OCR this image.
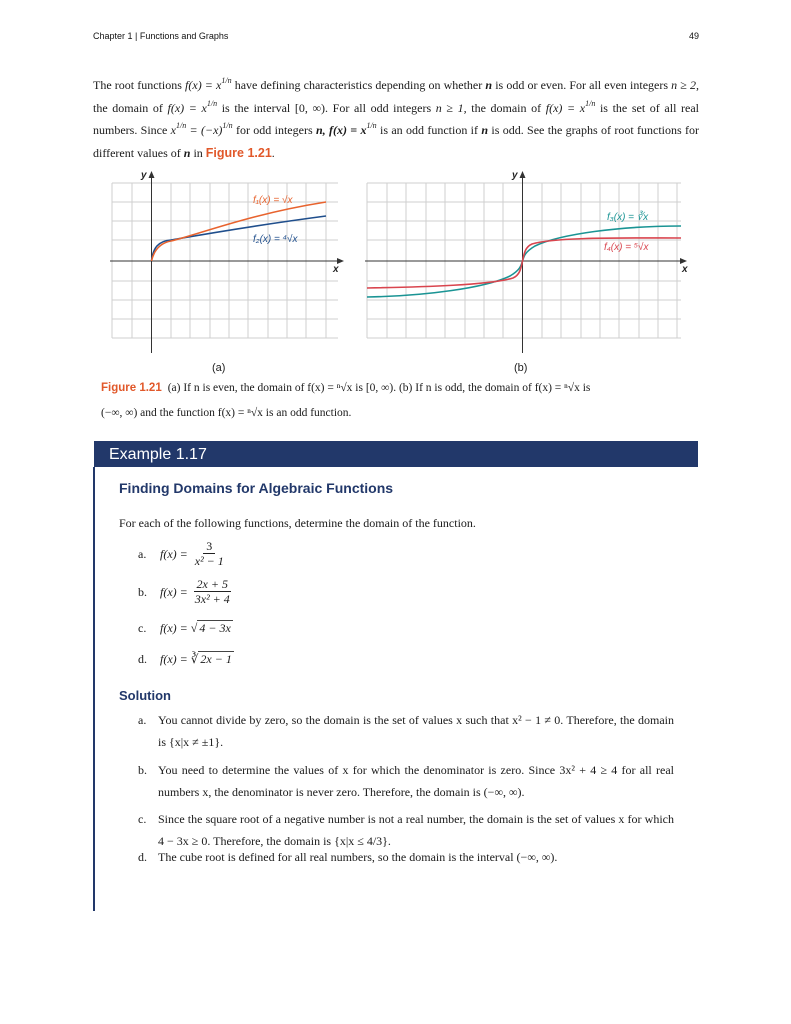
Chapter 1 | Functions and Graphs	49
The root functions $f(x) = x^{1/n}$ have defining characteristics depending on whether n is odd or even. For all even integers n ≥ 2, the domain of $f(x) = x^{1/n}$ is the interval [0, ∞). For all odd integers n ≥ 1, the domain of $f(x) = x^{1/n}$ is the set of all real numbers. Since $x^{1/n} = (-x)^{1/n}$ for odd integers n, $f(x) = x^{1/n}$ is an odd function if n is odd. See the graphs of root functions for different values of n in Figure 1.21.
y
x
f₁(x) = √x
f₂(x) = ⁴√x
y
x
f₃(x) = ∛x
f₄(x) = ⁵√x
(a)	(b)
Figure 1.21 (a) If n is even, the domain of f(x) = ⁿ√x is [0, ∞). (b) If n is odd, the domain of f(x) = ⁿ√x is
(−∞, ∞) and the function f(x) = ⁿ√x is an odd function.
Example 1.17
Finding Domains for Algebraic Functions
For each of the following functions, determine the domain of the function.
a.	$f(x) = \frac{3}{\text{x² − 1}}$
b.	$f(x) = \frac{2x + 5}{\text{3x² + 4}}$
c.	f(x) =
√ 4 − 3x
d.	f(x) =
∛ 2x − 1
Solution
a. You cannot divide by zero, so the domain is the set of values x such that x² − 1 ≠ 0. Therefore, the domain is {x|x ≠ ±1}.
b. You need to determine the values of x for which the denominator is zero. Since 3x² + 4 ≥ 4 for all real numbers x, the denominator is never zero. Therefore, the domain is (−∞, ∞).
c. Since the square root of a negative number is not a real number, the domain is the set of values x for which 4 − 3x ≥ 0. Therefore, the domain is {x|x ≤ 4/3}.
d. The cube root is defined for all real numbers, so the domain is the interval (−∞, ∞).
